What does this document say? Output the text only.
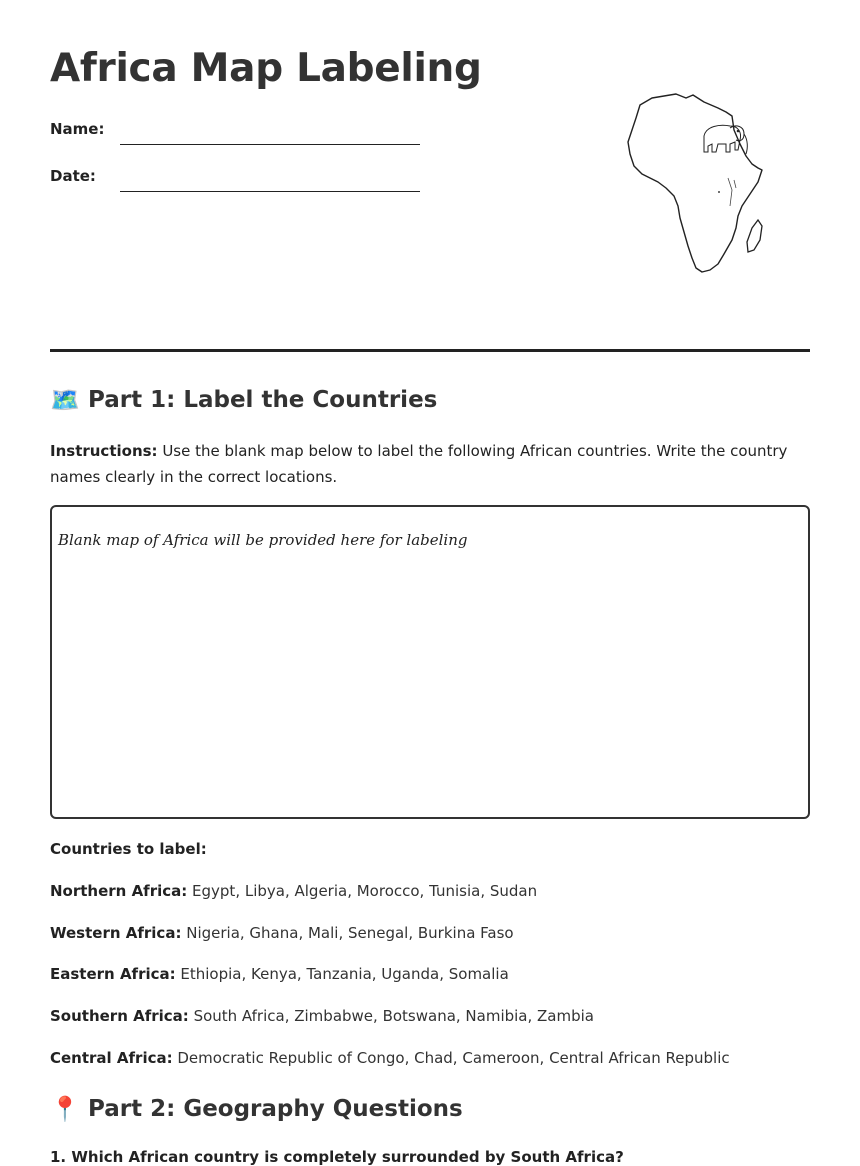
Africa Map Labeling
Name:
Date:
🗺️ Part 1: Label the Countries

Instructions: Use the blank map below to label the following African countries. Write the country names clearly in the correct locations.

Blank map of Africa will be provided here for labeling
Countries to label:
Northern Africa: Egypt, Libya, Algeria, Morocco, Tunisia, Sudan
Western Africa: Nigeria, Ghana, Mali, Senegal, Burkina Faso
Eastern Africa: Ethiopia, Kenya, Tanzania, Uganda, Somalia
Southern Africa: South Africa, Zimbabwe, Botswana, Namibia, Zambia
Central Africa: Democratic Republic of Congo, Chad, Cameroon, Central African Republic
📍 Part 2: Geography Questions
1. Which African country is completely surrounded by South Africa?
